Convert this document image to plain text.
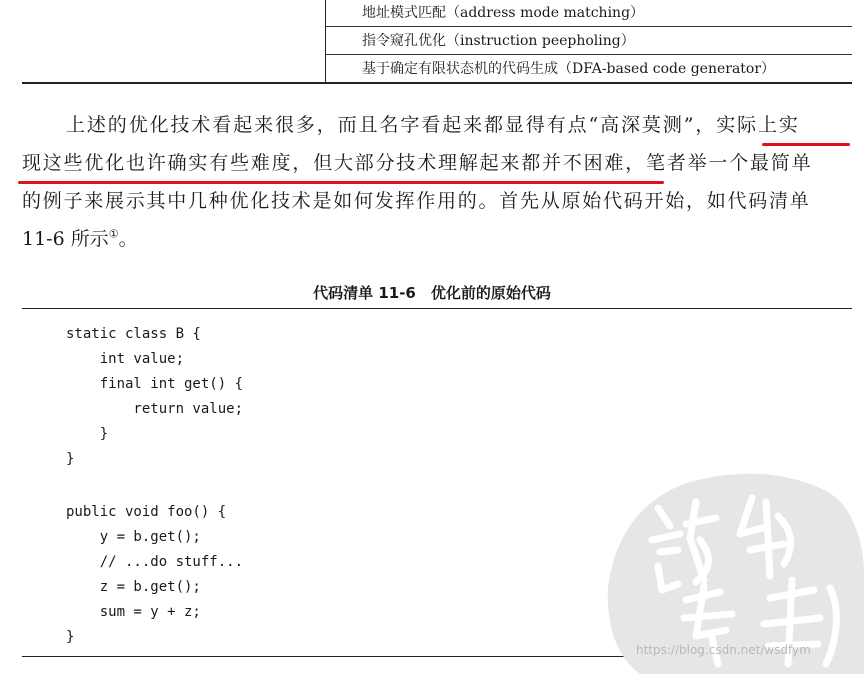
地址模式匹配（address mode matching）
指令窥孔优化（instruction peepholing）
基于确定有限状态机的代码生成（DFA-based code generator）
上述的优化技术看起来很多，而且名字看起来都显得有点“高深莫测”，实际上实
现这些优化也许确实有些难度，但大部分技术理解起来都并不困难，笔者举一个最简单
的例子来展示其中几种优化技术是如何发挥作用的。首先从原始代码开始，如代码清单
11-6 所示①。
代码清单 11-6　优化前的原始代码
static class B {
int value;
final int get() {
return value;
}
}
public void foo() {
y = b.get();
// ...do stuff...
z = b.get();
sum = y + z;
}
https://blog.csdn.net/wsdfym
